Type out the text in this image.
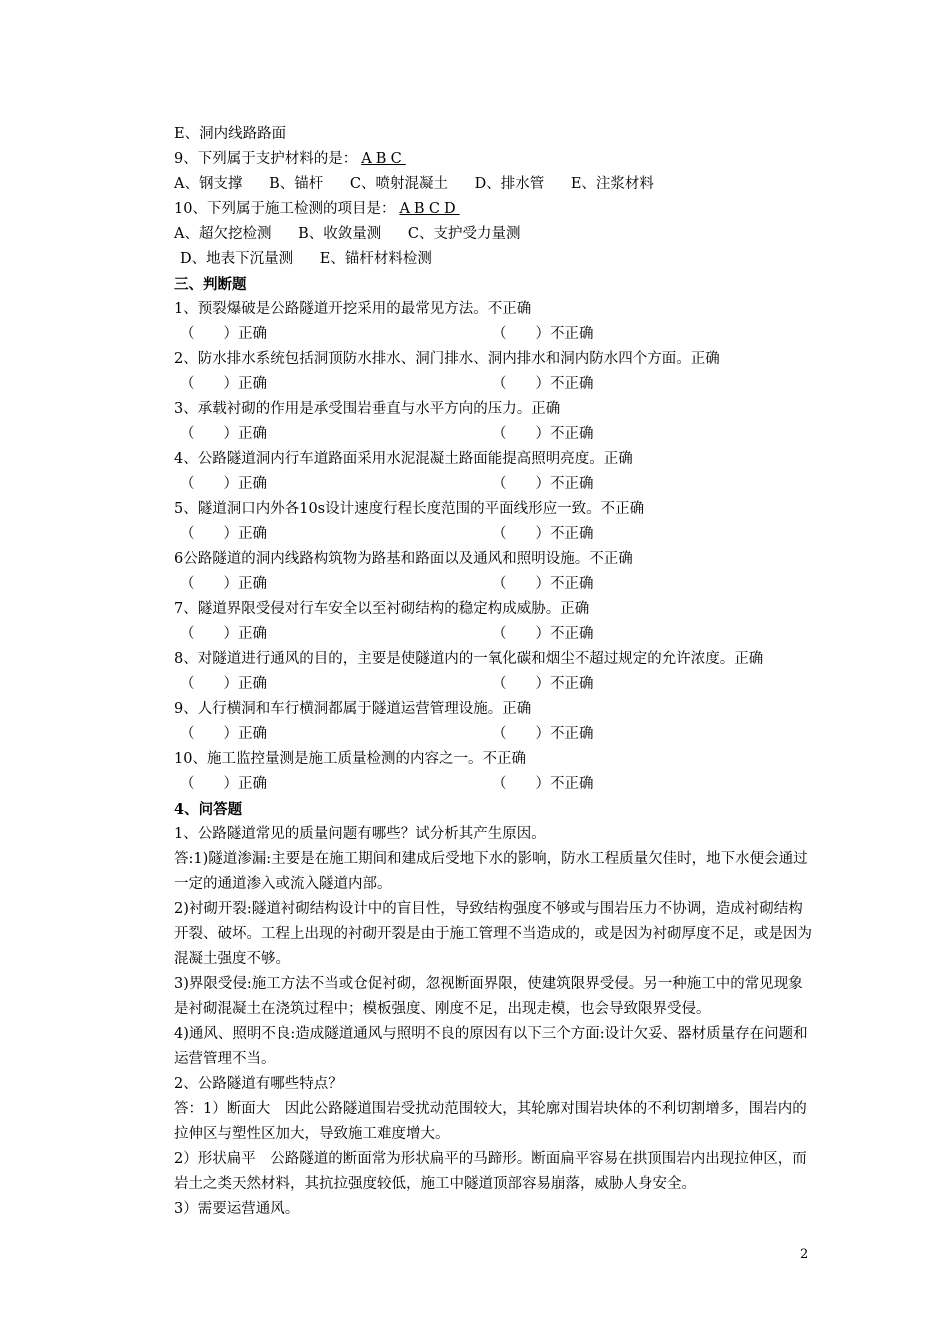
E、洞内线路路面
9、下列属于支护材料的是： ABC
A、钢支撑 B、锚杆 C、喷射混凝土 D、排水管 E、注浆材料
10、下列属于施工检测的项目是： ABCD
A、超欠挖检测 B、收敛量测 C、支护受力量测
D、地表下沉量测 E、锚杆材料检测
三、判断题
1、预裂爆破是公路隧道开挖采用的最常见方法。不正确
（　　）正确	（　　）不正确
2、防水排水系统包括洞顶防水排水、洞门排水、洞内排水和洞内防水四个方面。正确
（　　）正确	（　　）不正确
3、承载衬砌的作用是承受围岩垂直与水平方向的压力。正确
（　　）正确	（　　）不正确
4、公路隧道洞内行车道路面采用水泥混凝土路面能提高照明亮度。正确
（　　）正确	（　　）不正确
5、隧道洞口内外各10s设计速度行程长度范围的平面线形应一致。不正确
（　　）正确	（　　）不正确
6公路隧道的洞内线路构筑物为路基和路面以及通风和照明设施。不正确
（　　）正确	（　　）不正确
7、隧道界限受侵对行车安全以至衬砌结构的稳定构成威胁。正确
（　　）正确	（　　）不正确
8、对隧道进行通风的目的，主要是使隧道内的一氧化碳和烟尘不超过规定的允许浓度。正确
（　　）正确	（　　）不正确
9、人行横洞和车行横洞都属于隧道运营管理设施。正确
（　　）正确	（　　）不正确
10、施工监控量测是施工质量检测的内容之一。不正确
（　　）正确	（　　）不正确
4、问答题
1、公路隧道常见的质量问题有哪些？试分析其产生原因。
答:1)隧道渗漏:主要是在施工期间和建成后受地下水的影响，防水工程质量欠佳时，地下水便会通过一定的通道渗入或流入隧道内部。
2)衬砌开裂:隧道衬砌结构设计中的盲目性，导致结构强度不够或与围岩压力不协调，造成衬砌结构开裂、破坏。工程上出现的衬砌开裂是由于施工管理不当造成的，或是因为衬砌厚度不足，或是因为混凝土强度不够。
3)界限受侵:施工方法不当或仓促衬砌，忽视断面界限，使建筑限界受侵。另一种施工中的常见现象是衬砌混凝土在浇筑过程中；模板强度、刚度不足，出现走模，也会导致限界受侵。
4)通风、照明不良:造成隧道通风与照明不良的原因有以下三个方面:设计欠妥、器材质量存在问题和运营管理不当。
2、公路隧道有哪些特点？
答：1）断面大　因此公路隧道围岩受扰动范围较大，其轮廓对围岩块体的不利切割增多，围岩内的拉伸区与塑性区加大，导致施工难度增大。
2）形状扁平　公路隧道的断面常为形状扁平的马蹄形。断面扁平容易在拱顶围岩内出现拉伸区，而岩土之类天然材料，其抗拉强度较低，施工中隧道顶部容易崩落，威胁人身安全。
3）需要运营通风。
2
